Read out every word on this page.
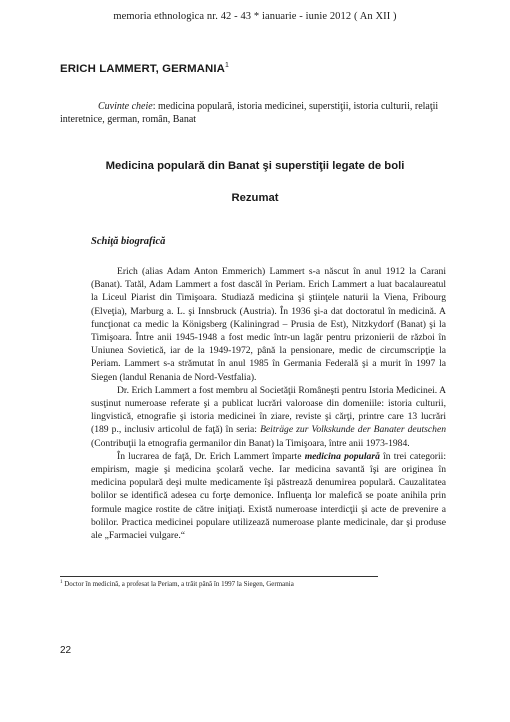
memoria ethnologica nr. 42 - 43 * ianuarie - iunie 2012 ( An XII )
ERICH LAMMERT, GERMANIA$^1$
Cuvinte cheie: medicina populară, istoria medicinei, superstiţii, istoria culturii, relaţii interetnice, german, român, Banat
Medicina populară din Banat şi superstiţii legate de boli
Rezumat
Schiţă biografică

Erich (alias Adam Anton Emmerich) Lammert s-a născut în anul 1912 la Carani (Banat). Tatăl, Adam Lammert a fost dascăl în Periam. Erich Lammert a luat bacalaureatul la Liceul Piarist din Timişoara. Studiază medicina şi ştiinţele naturii la Viena, Fribourg (Elveţia), Marburg a. L. şi Innsbruck (Austria). În 1936 şi-a dat doctoratul în medicină. A funcţionat ca medic la Königsberg (Kaliningrad – Prusia de Est), Nitzkydorf (Banat) şi la Timişoara. Între anii 1945-1948 a fost medic într-un lagăr pentru prizonierii de război în Uniunea Sovietică, iar de la 1949-1972, până la pensionare, medic de circumscripţie la Periam. Lammert s-a strămutat în anul 1985 în Germania Federală şi a murit în 1997 la Siegen (landul Renania de Nord-Vestfalia).

Dr. Erich Lammert a fost membru al Societăţii Româneşti pentru Istoria Medicinei. A susţinut numeroase referate şi a publicat lucrări valoroase din domeniile: istoria culturii, lingvistică, etnografie şi istoria medicinei în ziare, reviste şi cărţi, printre care 13 lucrări (189 p., inclusiv articolul de faţă) în seria: Beiträge zur Volkskunde der Banater deutschen (Contribuţii la etnografia germanilor din Banat) la Timişoara, între anii 1973-1984.

În lucrarea de faţă, Dr. Erich Lammert împarte medicina populară în trei categorii: empirism, magie şi medicina şcolară veche. Iar medicina savantă îşi are originea în medicina populară deşi multe medicamente îşi păstrează denumirea populară. Cauzalitatea bolilor se identifică adesea cu forţe demonice. Influenţa lor malefică se poate anihila prin formule magice rostite de către iniţiaţi. Există numeroase interdicţii şi acte de prevenire a bolilor. Practica medicinei populare utilizează numeroase plante medicinale, dar şi produse ale „Farmaciei vulgare.“

$^1$ Doctor în medicină, a profesat la Periam, a trăit până în 1997 la Siegen, Germania
22
